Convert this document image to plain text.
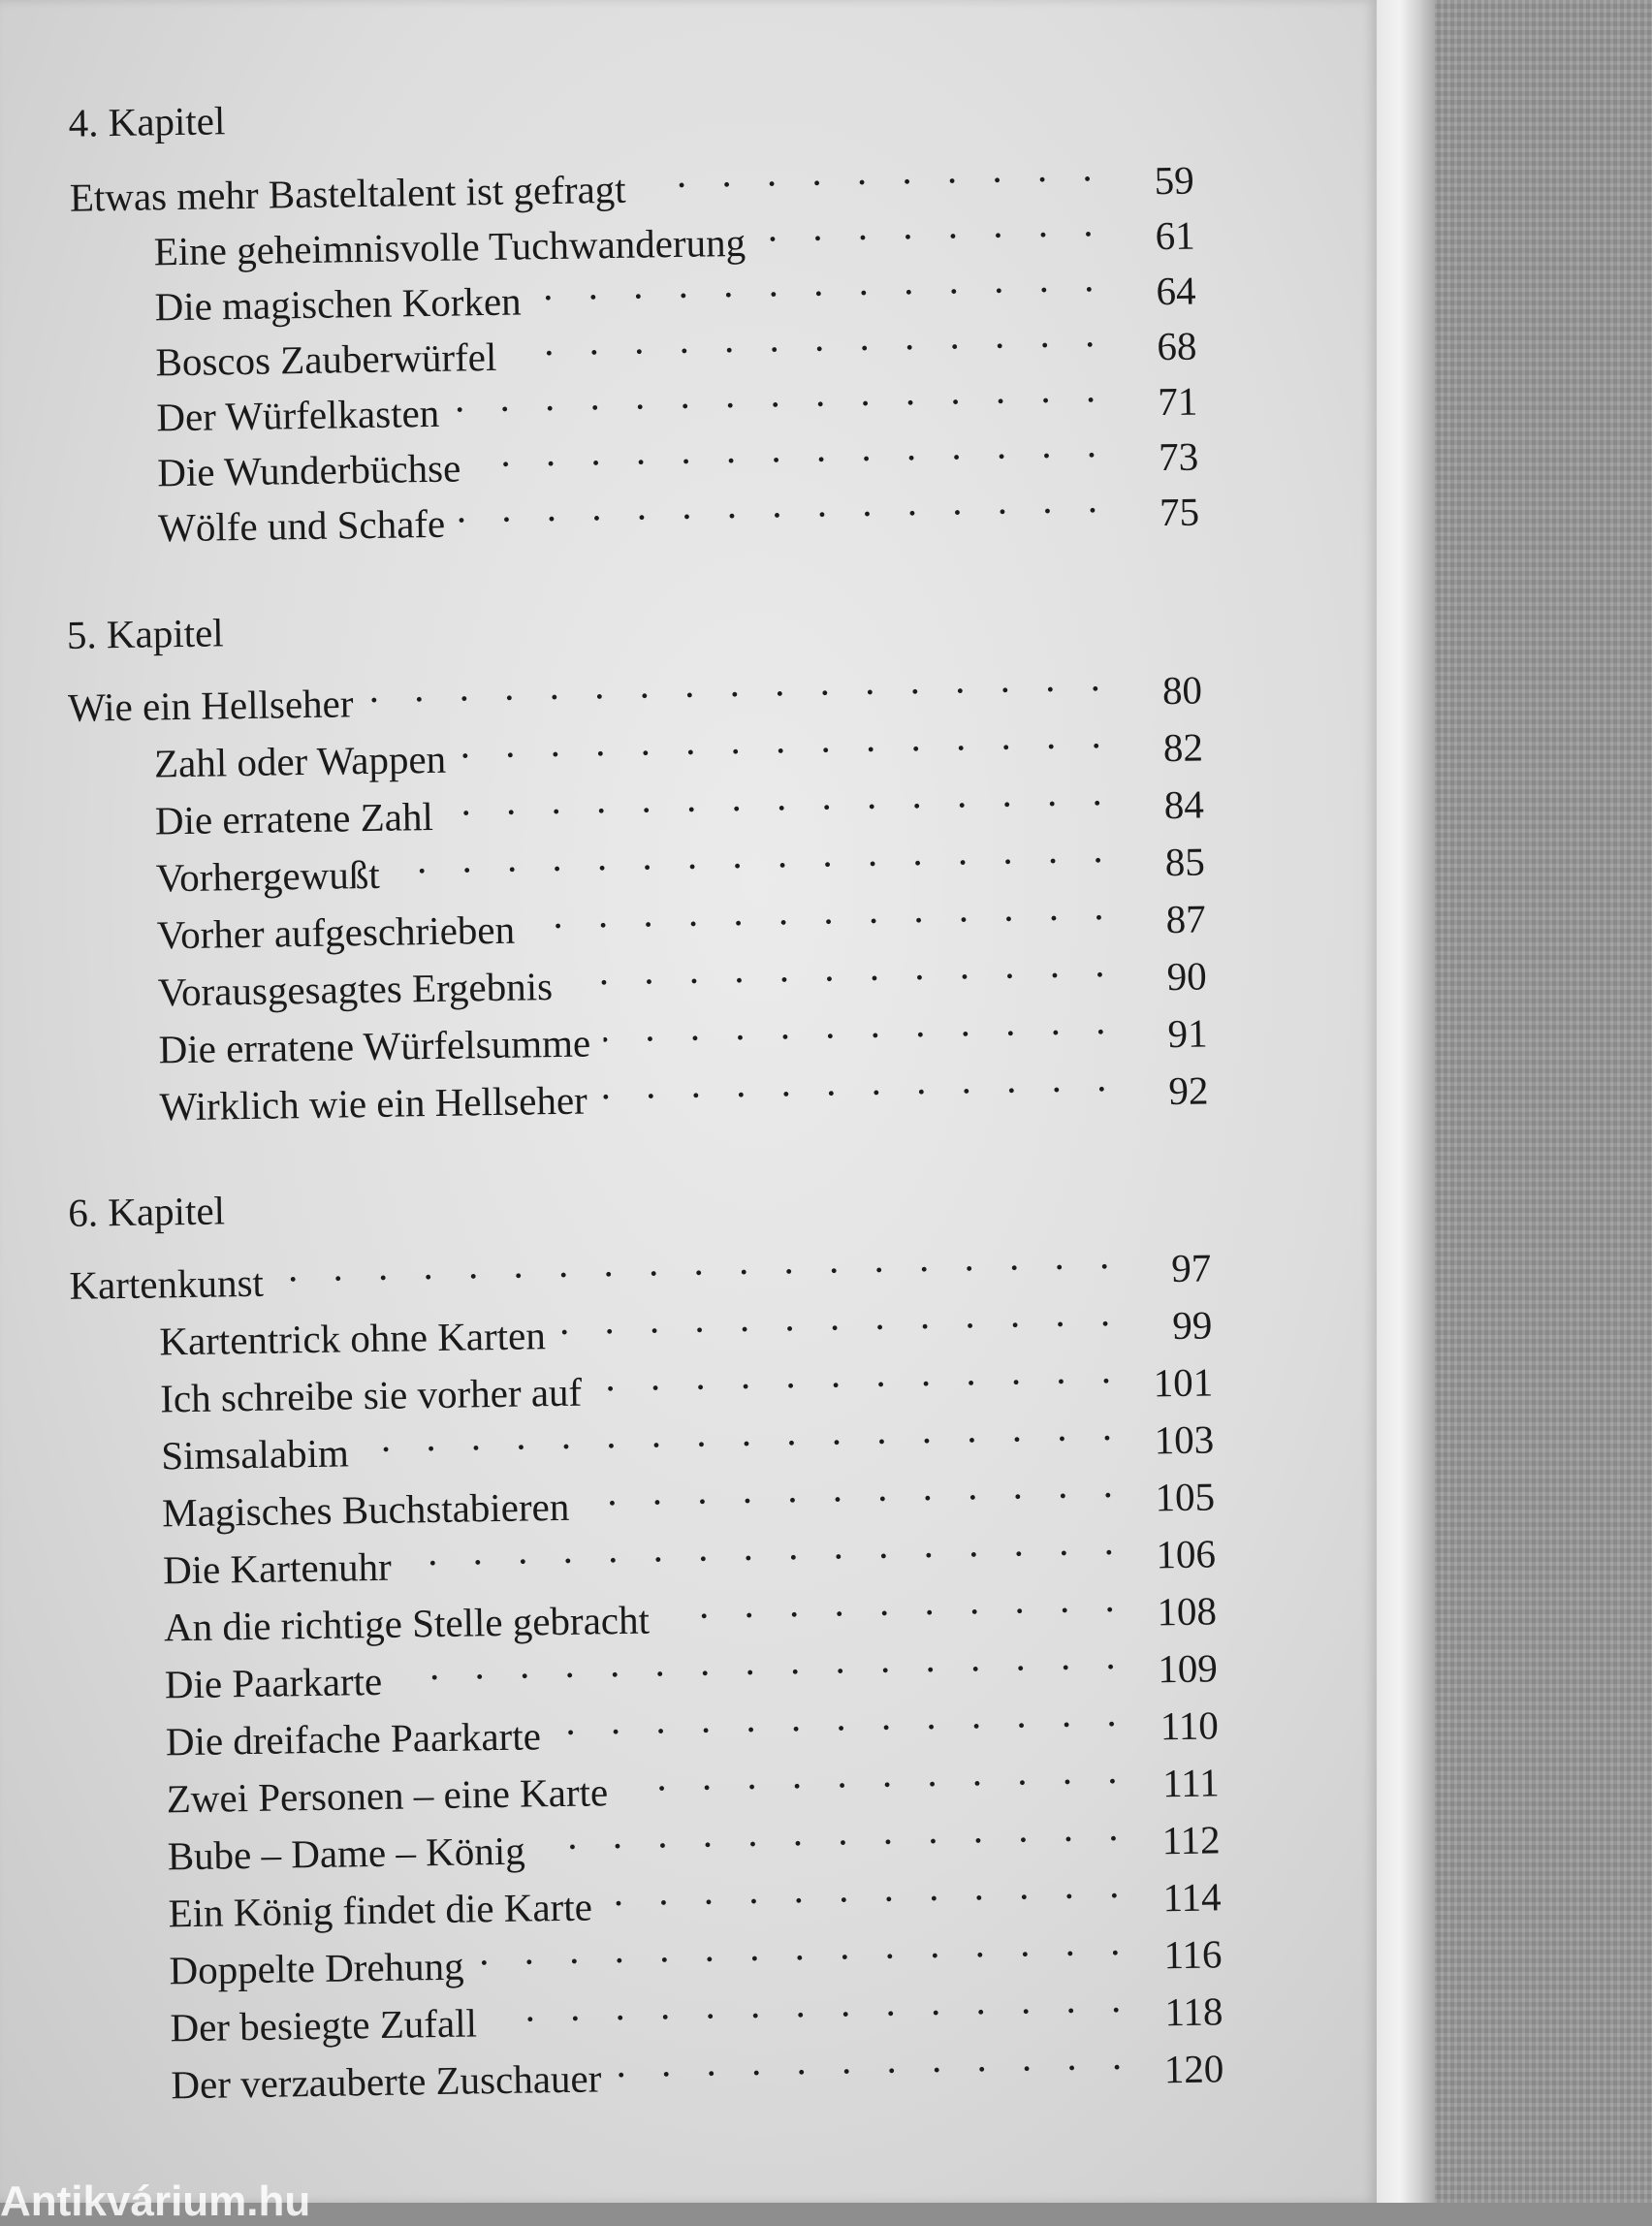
4. Kapitel
Etwas mehr Basteltalent ist gefragt . . .	59
Eine geheimnisvolle Tuchwanderung . . .	61
Die magischen Korken . . .	64
Boscos Zauberwürfel . . .	68
Der Würfelkasten . . .	71
Die Wunderbüchse . . .	73
Wölfe und Schafe . . .	75
5. Kapitel
Wie ein Hellseher . . .	80
Zahl oder Wappen . . .	82
Die erratene Zahl . . .	84
Vorhergewußt . . .	85
Vorher aufgeschrieben . . .	87
Vorausgesagtes Ergebnis . . .	90
Die erratene Würfelsumme . . .	91
Wirklich wie ein Hellseher . . .	92
6. Kapitel
Kartenkunst . . .	97
Kartentrick ohne Karten . . .	99
Ich schreibe sie vorher auf . . .	101
Simsalabim . . .	103
Magisches Buchstabieren . . .	105
Die Kartenuhr . . .	106
An die richtige Stelle gebracht . . .	108
Die Paarkarte . . .	109
Die dreifache Paarkarte . . .	110
Zwei Personen – eine Karte . . .	111
Bube – Dame – König . . .	112
Ein König findet die Karte . . .	114
Doppelte Drehung . . .	116
Der besiegte Zufall . . .	118
Der verzauberte Zuschauer . . .	120
Antikvárium.hu
